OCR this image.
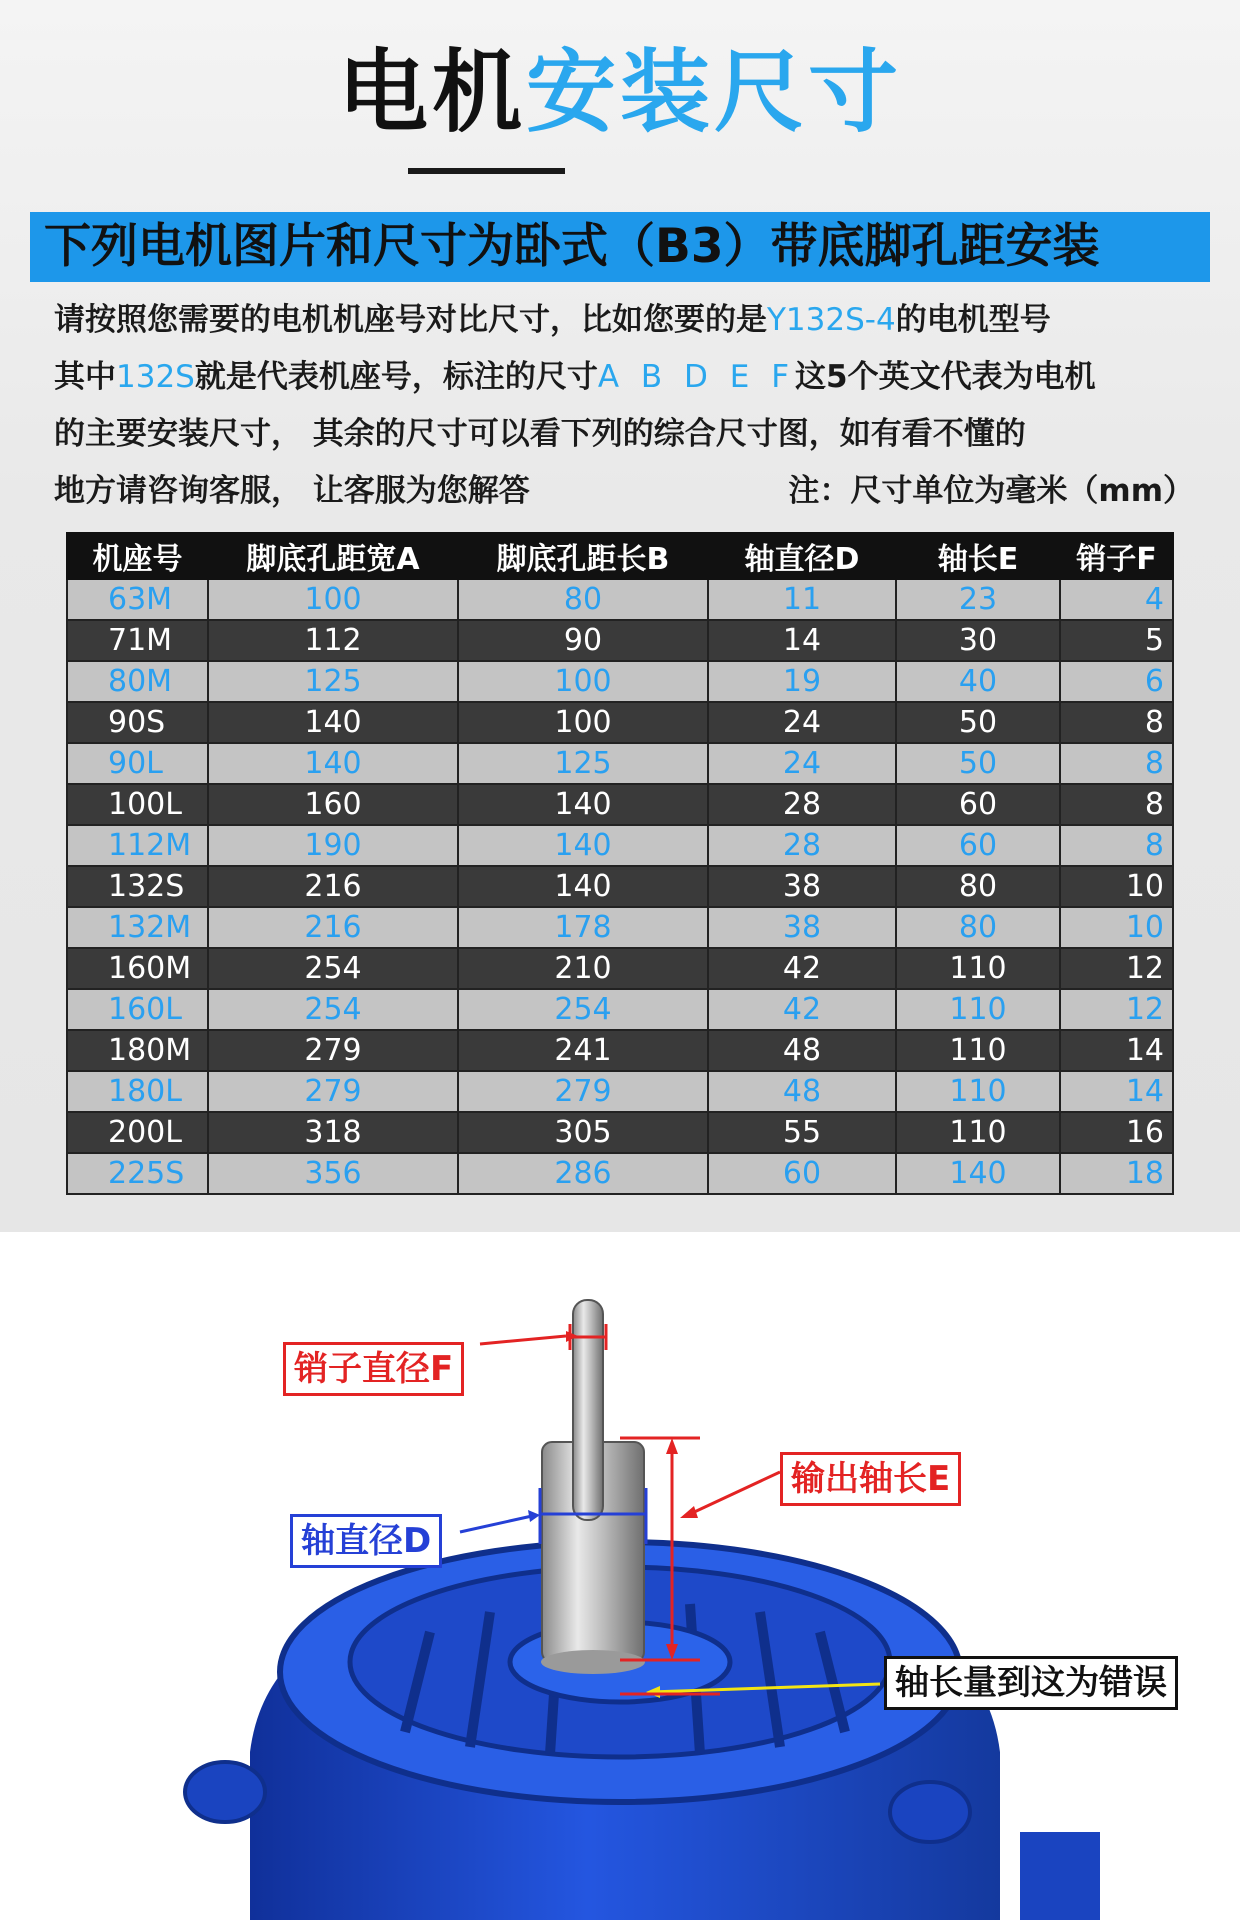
电机安装尺寸
下列电机图片和尺寸为卧式（B3）带底脚孔距安装
请按照您需要的电机机座号对比尺寸，比如您要的是Y132S-4的电机型号
其中132S就是代表机座号，标注的尺寸A B D E F这5个英文代表为电机
的主要安装尺寸， 其余的尺寸可以看下列的综合尺寸图，如有看不懂的
地方请咨询客服， 让客服为您解答	注：尺寸单位为毫米（mm）
机座号	脚底孔距宽A	脚底孔距长B	轴直径D	轴长E	销子F
63M	100	80	11	23	4
71M	112	90	14	30	5
80M	125	100	19	40	6
90S	140	100	24	50	8
90L	140	125	24	50	8
100L	160	140	28	60	8
112M	190	140	28	60	8
132S	216	140	38	80	10
132M	216	178	38	80	10
160M	254	210	42	110	12
160L	254	254	42	110	12
180M	279	241	48	110	14
180L	279	279	48	110	14
200L	318	305	55	110	16
225S	356	286	60	140	18
销子直径F
输出轴长E
轴直径D
轴长量到这为错误
